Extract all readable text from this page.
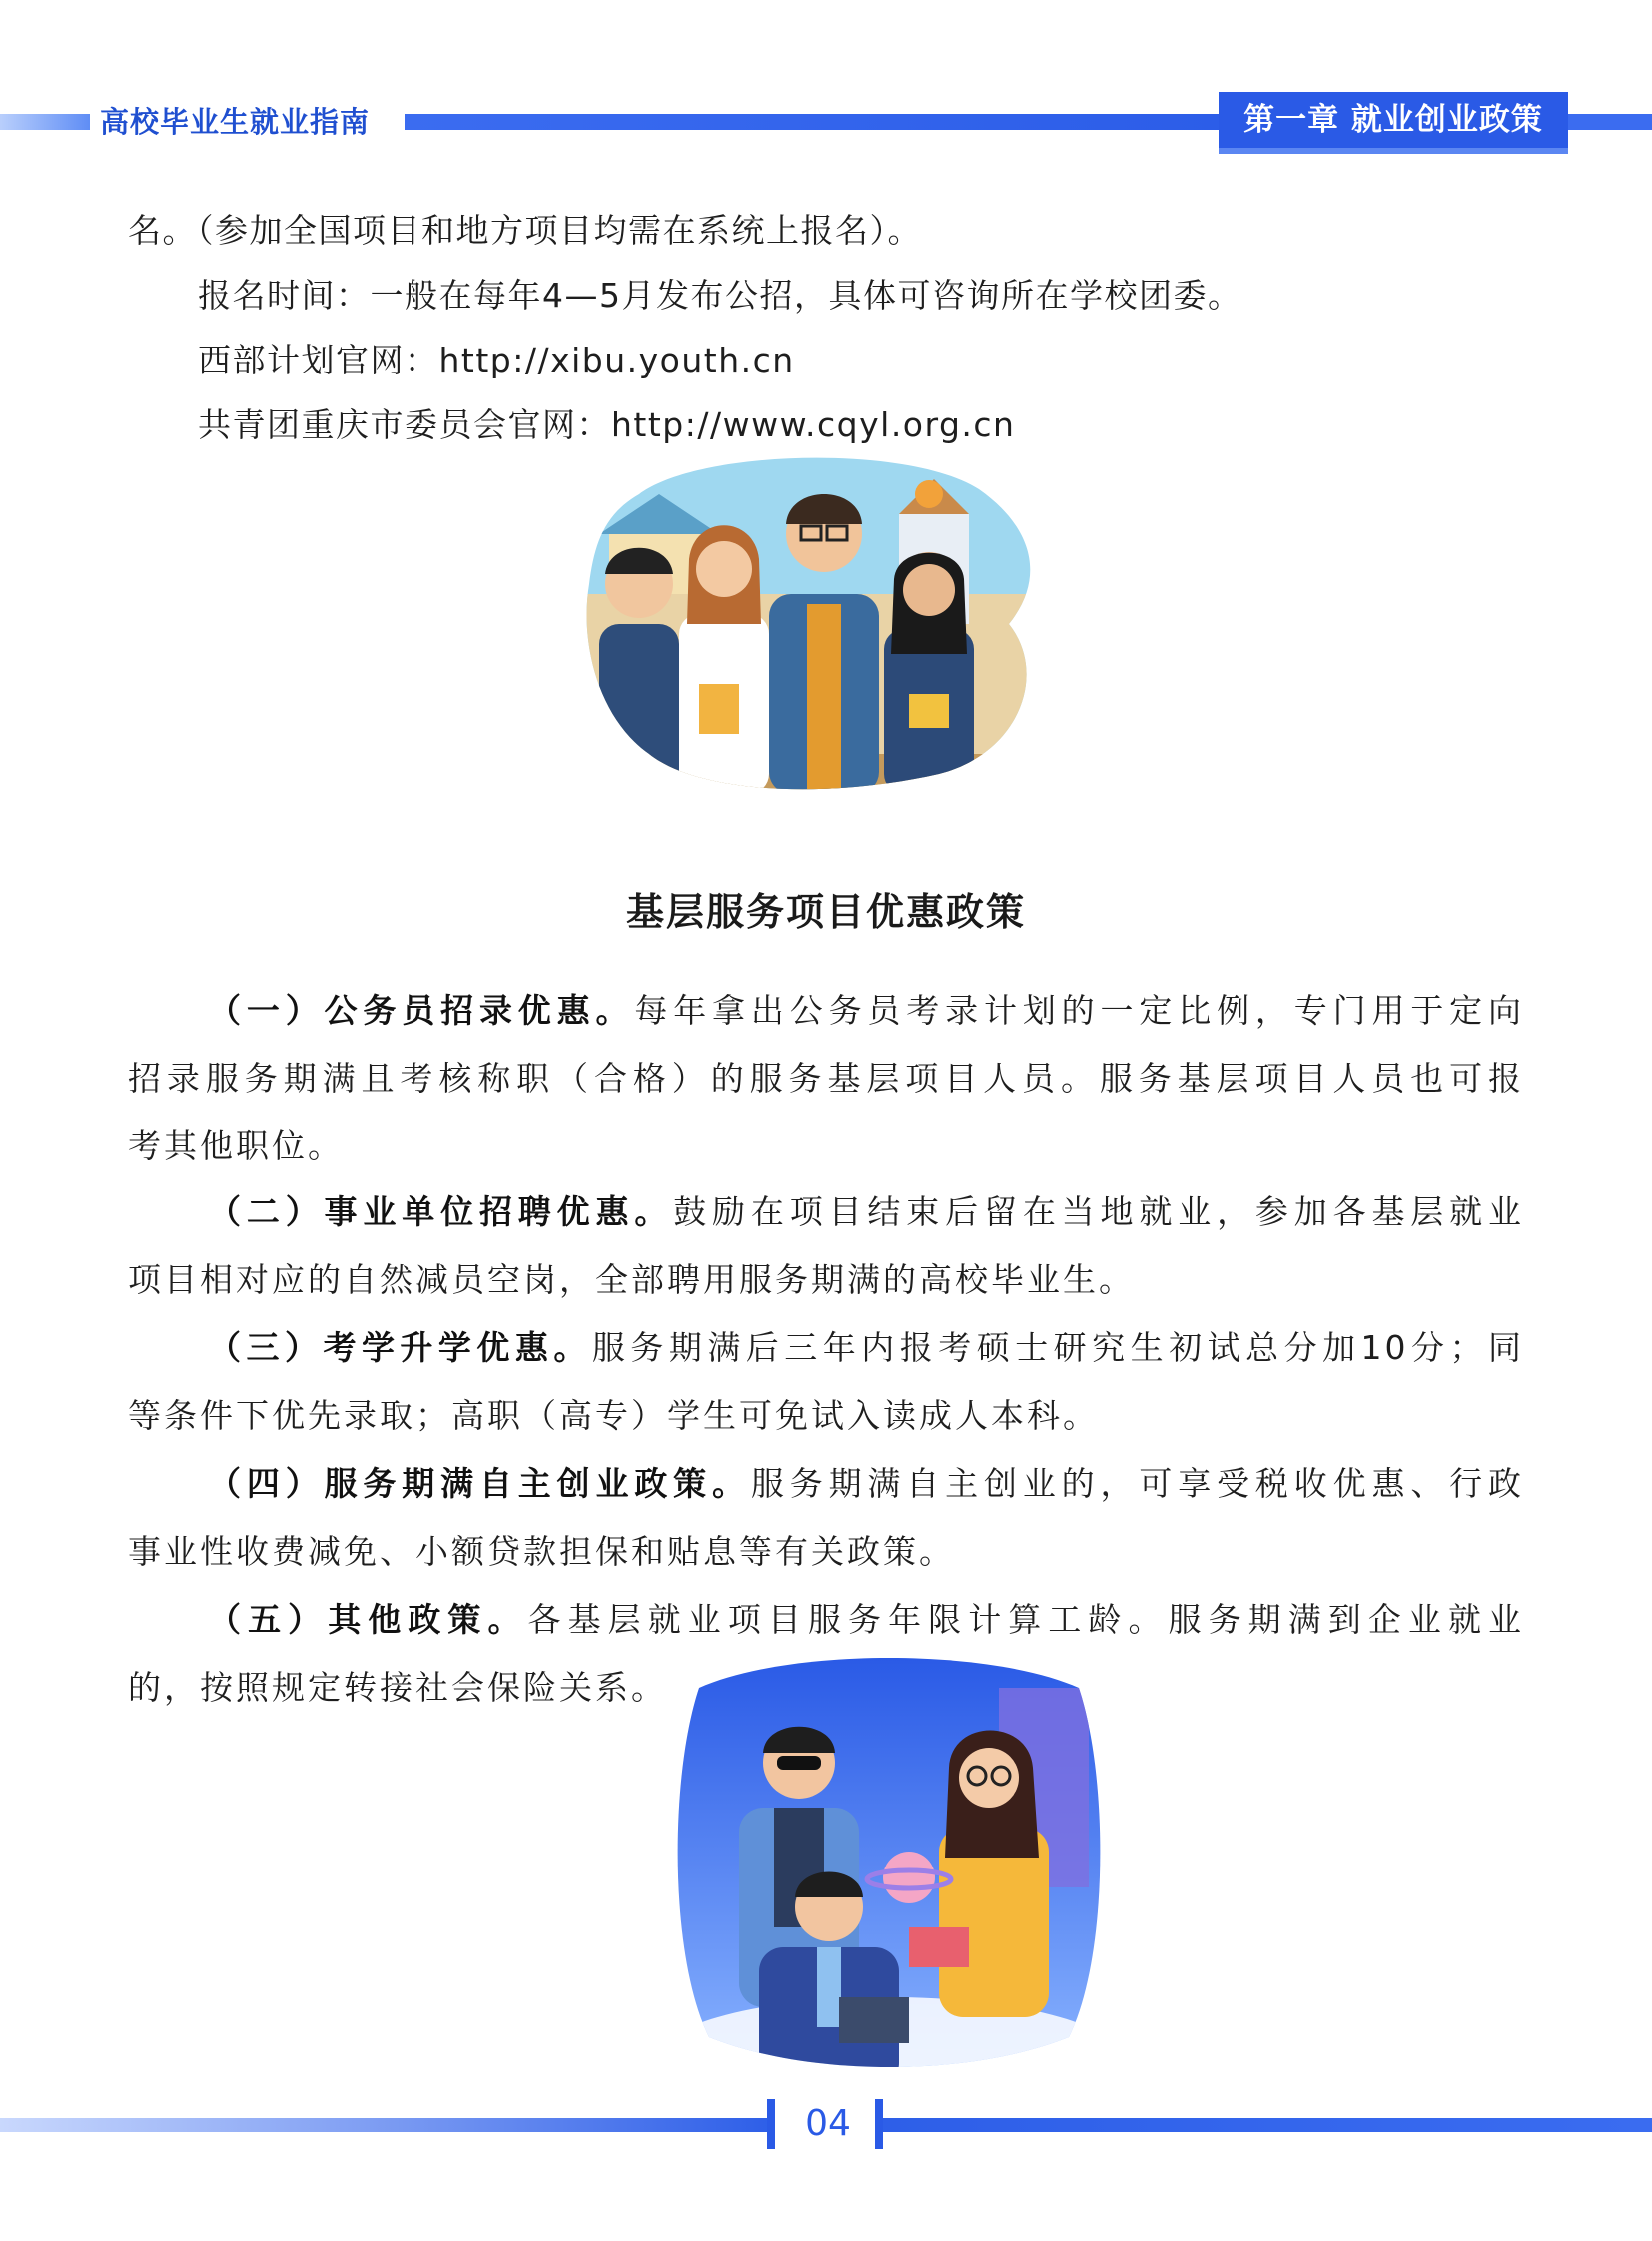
高校毕业生就业指南	第一章 就业创业政策
名。（参加全国项目和地方项目均需在系统上报名）。
报名时间：一般在每年4—5月发布公招，具体可咨询所在学校团委。
西部计划官网：http://xibu.youth.cn
共青团重庆市委员会官网：http://www.cqyl.org.cn
基层服务项目优惠政策
（一）公务员招录优惠。每年拿出公务员考录计划的一定比例，专门用于定向
招录服务期满且考核称职（合格）的服务基层项目人员。服务基层项目人员也可报
考其他职位。
（二）事业单位招聘优惠。鼓励在项目结束后留在当地就业，参加各基层就业
项目相对应的自然减员空岗，全部聘用服务期满的高校毕业生。
（三）考学升学优惠。服务期满后三年内报考硕士研究生初试总分加10分；同
等条件下优先录取；高职（高专）学生可免试入读成人本科。
（四）服务期满自主创业政策。服务期满自主创业的，可享受税收优惠、行政
事业性收费减免、小额贷款担保和贴息等有关政策。
（五）其他政策。各基层就业项目服务年限计算工龄。服务期满到企业就业
的，按照规定转接社会保险关系。
04
